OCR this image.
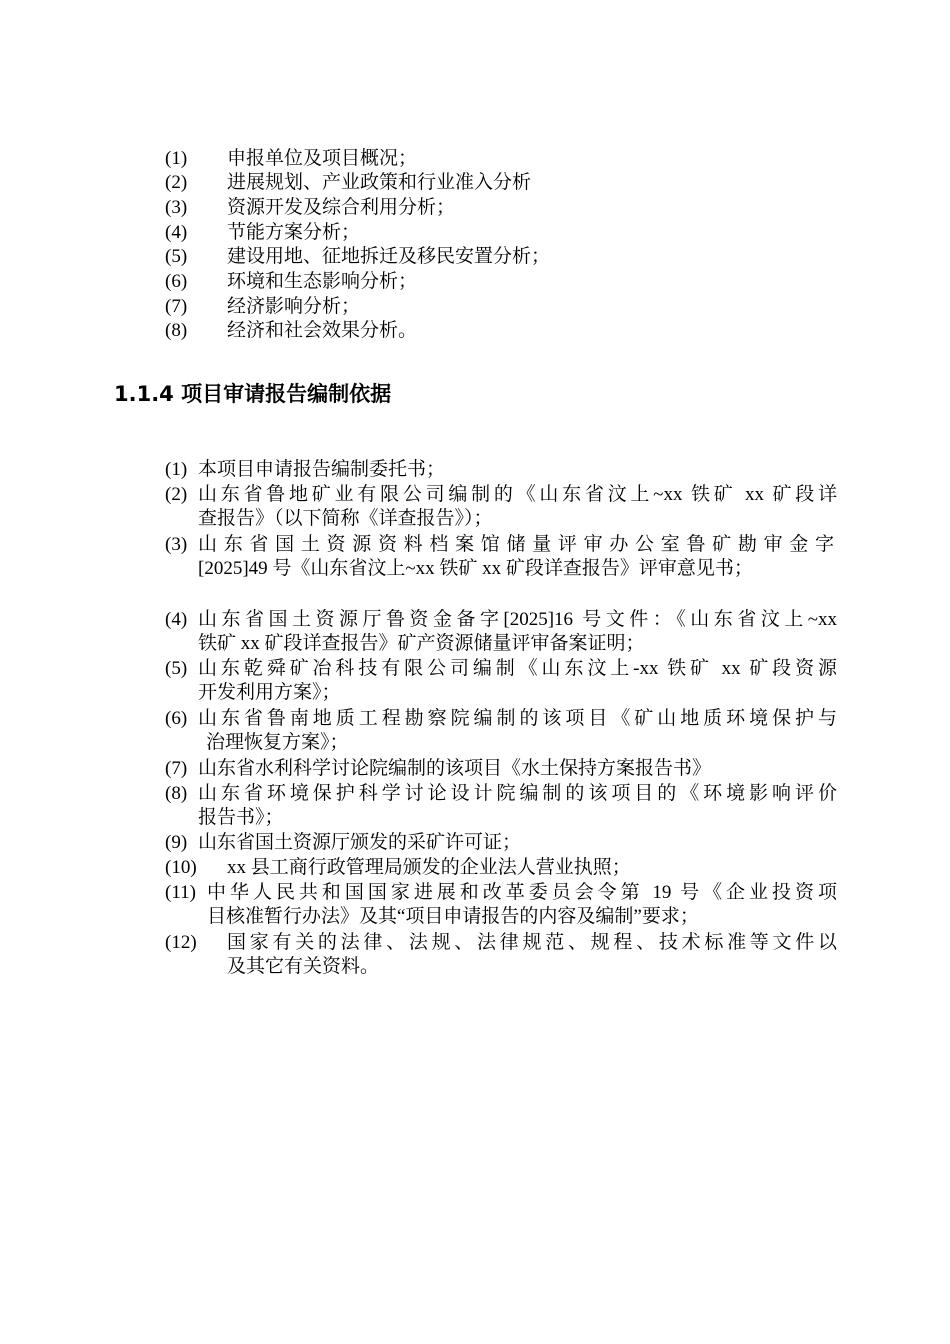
(1) 申报单位及项目概况；
(2) 进展规划、产业政策和行业准入分析
(3) 资源开发及综合利用分析；
(4) 节能方案分析；
(5) 建设用地、征地拆迁及移民安置分析；
(6) 环境和生态影响分析；
(7) 经济影响分析；
(8) 经济和社会效果分析。
1.1.4 项目审请报告编制依据
(1) 本项目申请报告编制委托书；
(2) 山东省鲁地矿业有限公司编制的《山东省汶上~xx 铁矿 xx 矿段详
查报告》（以下简称《详查报告》）；
(3) 山东省国土资源资料档案馆储量评审办公室鲁矿勘审金字
[2025]49 号《山东省汶上~xx 铁矿 xx 矿段详查报告》评审意见书；
(4) 山东省国土资源厅鲁资金备字[2025]16 号文件：《山东省汶上~xx
铁矿 xx 矿段详查报告》矿产资源储量评审备案证明；
(5) 山东乾舜矿冶科技有限公司编制《山东汶上-xx 铁矿 xx 矿段资源
开发利用方案》；
(6) 山东省鲁南地质工程勘察院编制的该项目《矿山地质环境保护与
治理恢复方案》；
(7) 山东省水利科学讨论院编制的该项目《水土保持方案报告书》
(8) 山东省环境保护科学讨论设计院编制的该项目的《环境影响评价
报告书》；
(9) 山东省国土资源厅颁发的采矿许可证；
(10) xx 县工商行政管理局颁发的企业法人营业执照；
(11) 中华人民共和国国家进展和改革委员会令第 19 号《企业投资项
目核准暂行办法》及其“项目申请报告的内容及编制”要求；
(12) 国家有关的法律、法规、法律规范、规程、技术标准等文件以
及其它有关资料。
